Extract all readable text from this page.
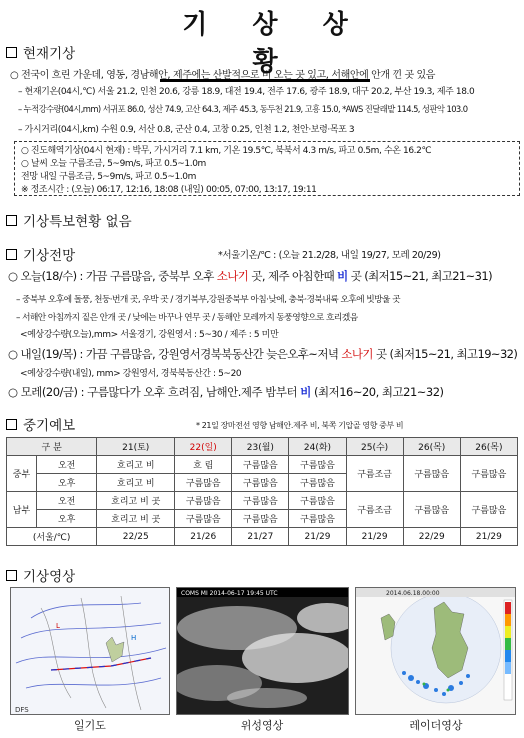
기 상 상 황
현재기상
○ 전국이 흐린 가운데, 영동, 경남해안, 제주에는 산발적으로 비 오는 곳 있고, 서해안에 안개 낀 곳 있음
– 현재기온(04시,℃) 서울 21.2, 인천 20.6, 강릉 18.9, 대전 19.4, 전주 17.6, 광주 18.9, 대구 20.2, 부산 19.3, 제주 18.0
– 누적강수량(04시,mm) 서귀포 86.0, 성산 74.9, 고산 64.3, 제주 45.3, 동두천 21.9, 고흥 15.0, *AWS 진달래밭 114.5, 성판악 103.0
– 가시거리(04시,km) 수원 0.9, 서산 0.8, 군산 0.4, 고창 0.25, 인천 1.2, 천안·보령·목포 3
○ 진도해역기상(04시 현재) : 박무, 가시거리 7.1 km, 기온 19.5℃, 북북서 4.3 m/s, 파고 0.5m, 수온 16.2℃
○ 날씨 오늘 구름조금, 5~9m/s, 파고 0.5~1.0m
전망 내일 구름조금, 5~9m/s, 파고 0.5~1.0m
※ 정조시간 : (오늘) 06:17, 12:16, 18:08 (내일) 00:05, 07:00, 13:17, 19:11
기상특보현황 없음
기상전망	*서울기온/℃ : (오늘 21.2/28, 내일 19/27, 모레 20/29)
○ 오늘(18/수) : 가끔 구름많음, 중북부 오후 소나기 곳, 제주 아침한때 비 곳 (최저15~21, 최고21~31)
– 중북부 오후에 돌풍, 천둥·번개 곳, 우박 곳 / 경기북부,강원중북부 아침·낮에, 충북·경북내륙 오후에 빗방울 곳
– 서해안 아침까지 짙은 안개 곳 / 낮에는 바꾸나 연무 곳 / 동해안 모레까지 동풍영향으로 흐리겠음
<예상강수량(오늘),mm> 서울경기, 강원영서 : 5~30 / 제주 : 5 미만
○ 내일(19/목) : 가끔 구름많음, 강원영서경북북동산간 늦은오후~저녁 소나기 곳 (최저15~21, 최고19~32)
<예상강수량(내일), mm> 강원영서, 경북북동산간 : 5~20
○ 모레(20/금) : 구름많다가 오후 흐려짐, 남해안.제주 밤부터 비 (최저16~20, 최고21~32)
중기예보	* 21일 장마전선 영향 남해안.제주 비, 북쪽 기압골 영향 중부 비
구 분		21(토)	22(일)	23(월)	24(화)	25(수)	26(목)	26(목)
중부	오전	흐리고 비	흐 림	구름많음	구름많음	구름조금	구름많음	구름많음
	오후	흐리고 비	구름많음	구름많음	구름많음			
남부	오전	흐리고 비 곳	구름많음	구름많음	구름많음	구름조금	구름많음	구름많음
	오후	흐리고 비 곳	구름많음	구름많음	구름많음			
(서울/℃)		22/25	21/26	21/27	21/29	21/29	22/29	21/29
기상영상
L
H
DFS
COMS MI 2014-06-17 19:45 UTC	2014.06.18.00:00
일기도	위성영상	레이더영상
